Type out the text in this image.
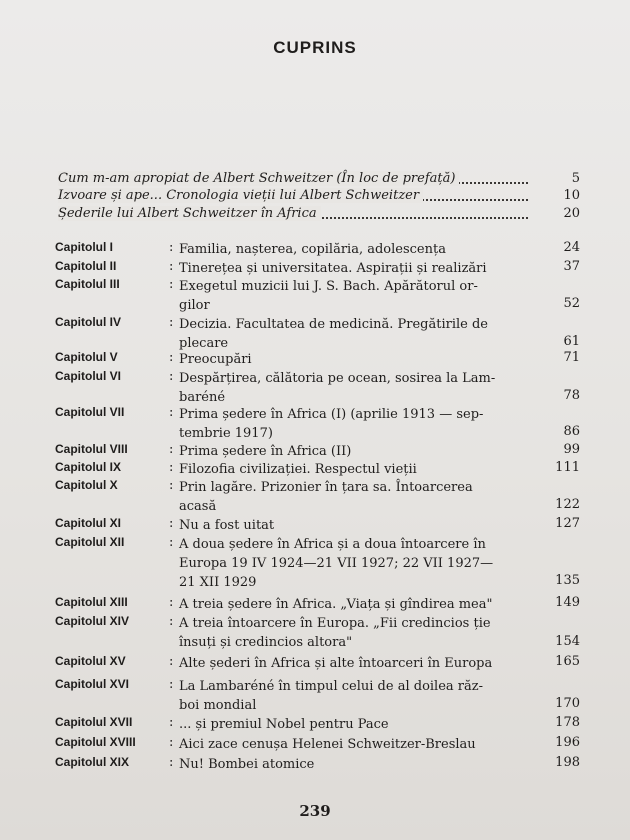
CUPRINS
Cum m-am apropiat de Albert Schweitzer (În loc de prefață)	5
Izvoare și ape... Cronologia vieții lui Albert Schweitzer	10
Șederile lui Albert Schweitzer în Africa	20
Capitolul I	: Familia, nașterea, copilăria, adolescența	24
Capitolul II	: Tinerețea și universitatea. Aspirații și realizări	37
Capitolul III	: Exegetul muzicii lui J. S. Bach. Apărătorul or-
gilor	52
Capitolul IV	: Decizia. Facultatea de medicină. Pregătirile de
plecare	61
Capitolul V	: Preocupări	71
Capitolul VI	: Despărțirea, călătoria pe ocean, sosirea la Lam-
baréné	78
Capitolul VII	: Prima ședere în Africa (I) (aprilie 1913 — sep-
tembrie 1917)	86
Capitolul VIII	: Prima ședere în Africa (II)	99
Capitolul IX	: Filozofia civilizației. Respectul vieții	111
Capitolul X	: Prin lagăre. Prizonier în țara sa. Întoarcerea
acasă	122
Capitolul XI	: Nu a fost uitat	127
Capitolul XII	: A doua ședere în Africa și a doua întoarcere în
Europa 19 IV 1924—21 VII 1927; 22 VII 1927—
21 XII 1929	135
Capitolul XIII	: A treia ședere în Africa. „Viața și gîndirea mea"	149
Capitolul XIV	: A treia întoarcere în Europa. „Fii credincios ție
însuți și credincios altora"	154
Capitolul XV	: Alte șederi în Africa și alte întoarceri în Europa	165
Capitolul XVI	: La Lambaréné în timpul celui de al doilea răz-
boi mondial	170
Capitolul XVII	: ... și premiul Nobel pentru Pace	178
Capitolul XVIII	: Aici zace cenușa Helenei Schweitzer-Breslau	196
Capitolul XIX	: Nu! Bombei atomice	198
239
